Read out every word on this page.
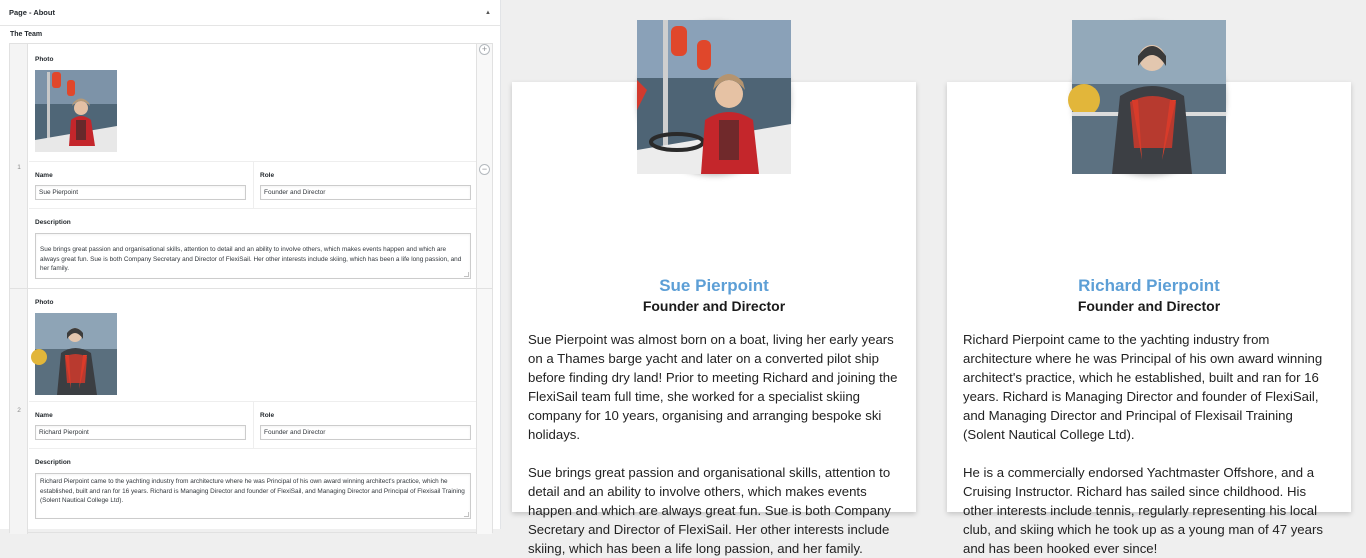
Page - About	▲
The Team
1
Photo
Name
Sue Pierpoint
Role
Founder and Director
Description
Sue brings great passion and organisational skills, attention to detail and an ability to involve others, which makes events happen and which are always great fun. Sue is both Company Secretary and Director of FlexiSail. Her other interests include skiing, which has been a life long passion, and her family.
+
−
2
Photo
Name
Richard Pierpoint
Role
Founder and Director
Description
Richard Pierpoint came to the yachting industry from architecture where he was Principal of his own award winning architect's practice, which he established, built and ran for 16 years. Richard is Managing Director and founder of FlexiSail, and Managing Director and Principal of Flexisail Training (Solent Nautical College Ltd).
Sue Pierpoint
Founder and Director

Sue Pierpoint was almost born on a boat, living her early years on a Thames barge yacht and later on a converted pilot ship before finding dry land! Prior to meeting Richard and joining the FlexiSail team full time, she worked for a specialist skiing company for 10 years, organising and arranging bespoke ski holidays.

Sue brings great passion and organisational skills, attention to detail and an ability to involve others, which makes events happen and which are always great fun. Sue is both Company Secretary and Director of FlexiSail. Her other interests include skiing, which has been a life long passion, and her family.

Richard Pierpoint
Founder and Director

Richard Pierpoint came to the yachting industry from architecture where he was Principal of his own award winning architect's practice, which he established, built and ran for 16 years. Richard is Managing Director and founder of FlexiSail, and Managing Director and Principal of Flexisail Training (Solent Nautical College Ltd).

He is a commercially endorsed Yachtmaster Offshore, and a Cruising Instructor. Richard has sailed since childhood. His other interests include tennis, regularly representing his local club, and skiing which he took up as a young man of 47 years and has been hooked ever since!
